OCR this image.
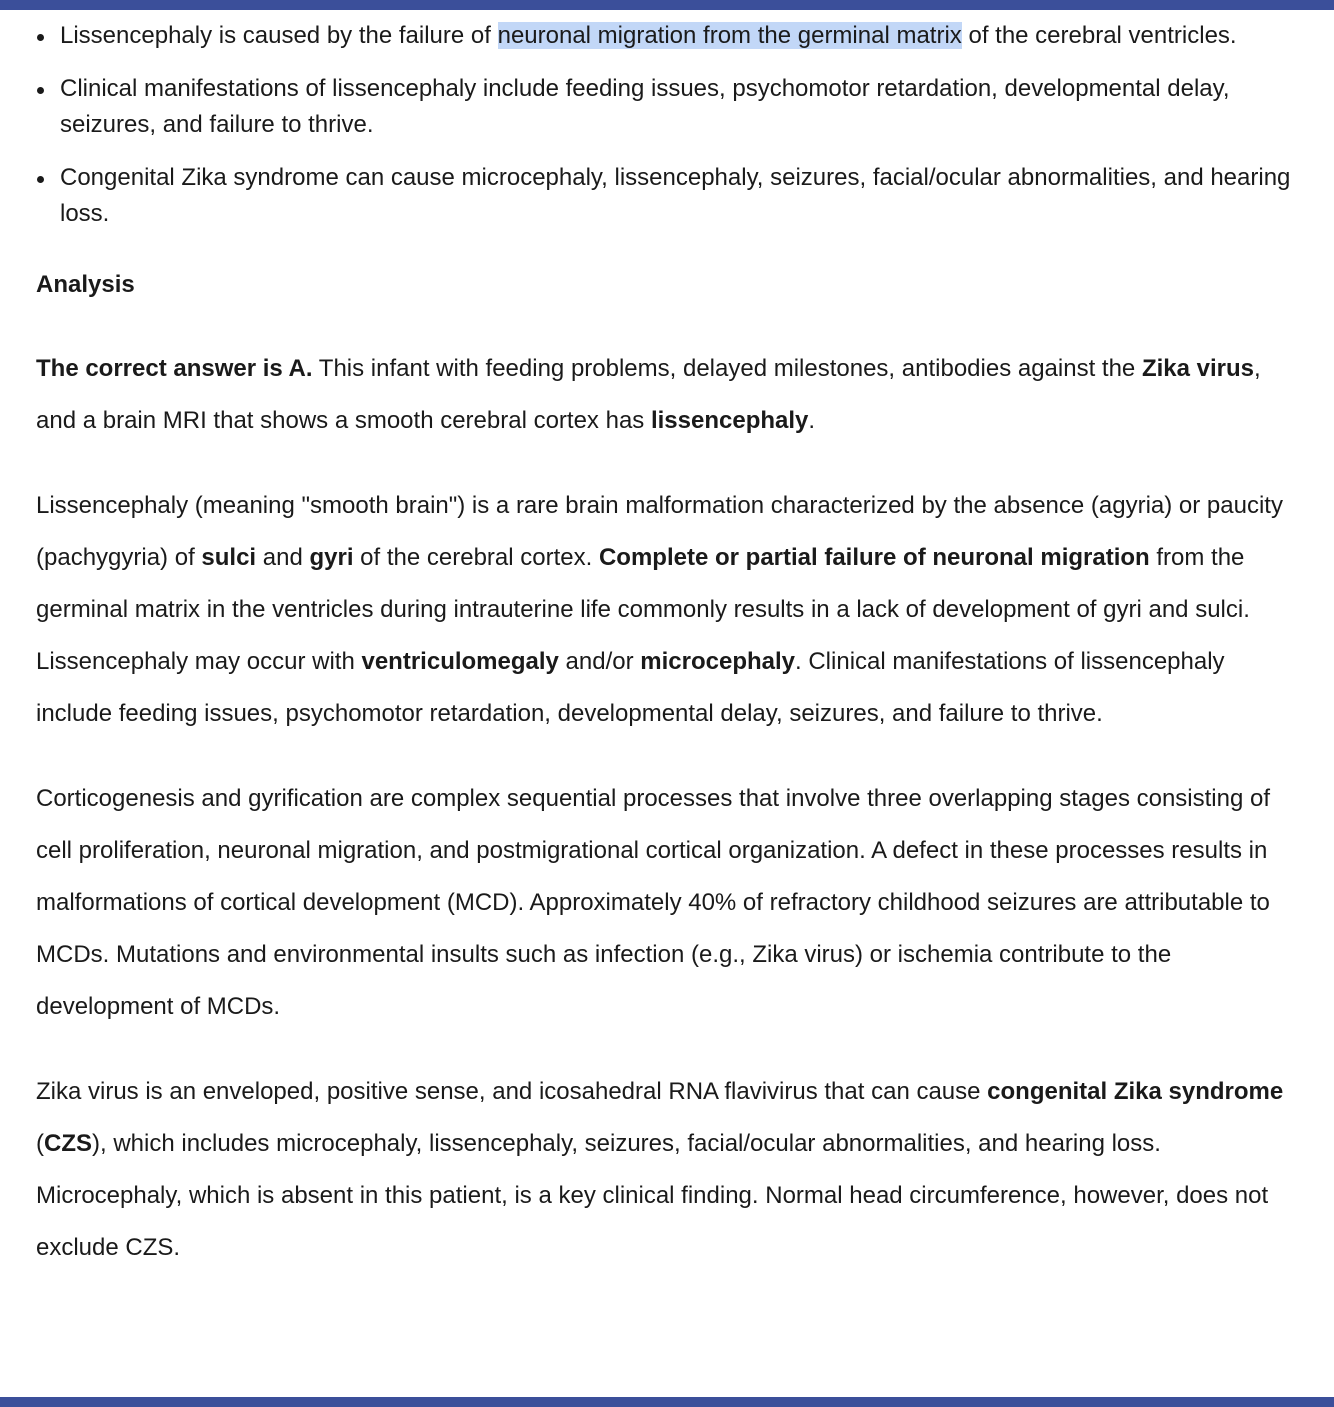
Lissencephaly is caused by the failure of neuronal migration from the germinal matrix of the cerebral ventricles.
Clinical manifestations of lissencephaly include feeding issues, psychomotor retardation, developmental delay, seizures, and failure to thrive.
Congenital Zika syndrome can cause microcephaly, lissencephaly, seizures, facial/ocular abnormalities, and hearing loss.
Analysis

The correct answer is A. This infant with feeding problems, delayed milestones, antibodies against the Zika virus, and a brain MRI that shows a smooth cerebral cortex has lissencephaly.

Lissencephaly (meaning "smooth brain") is a rare brain malformation characterized by the absence (agyria) or paucity (pachygyria) of sulci and gyri of the cerebral cortex. Complete or partial failure of neuronal migration from the germinal matrix in the ventricles during intrauterine life commonly results in a lack of development of gyri and sulci. Lissencephaly may occur with ventriculomegaly and/or microcephaly. Clinical manifestations of lissencephaly include feeding issues, psychomotor retardation, developmental delay, seizures, and failure to thrive.

Corticogenesis and gyrification are complex sequential processes that involve three overlapping stages consisting of cell proliferation, neuronal migration, and postmigrational cortical organization. A defect in these processes results in malformations of cortical development (MCD). Approximately 40% of refractory childhood seizures are attributable to MCDs. Mutations and environmental insults such as infection (e.g., Zika virus) or ischemia contribute to the development of MCDs.

Zika virus is an enveloped, positive sense, and icosahedral RNA flavivirus that can cause congenital Zika syndrome (CZS), which includes microcephaly, lissencephaly, seizures, facial/ocular abnormalities, and hearing loss. Microcephaly, which is absent in this patient, is a key clinical finding. Normal head circumference, however, does not exclude CZS.
